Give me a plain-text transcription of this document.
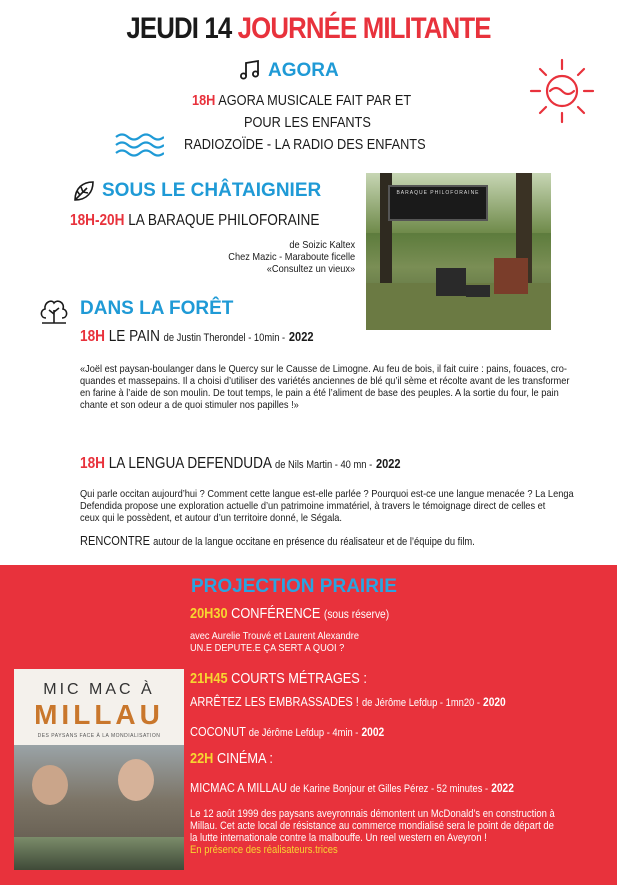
JEUDI 14 JOURNÉE MILITANTE
AGORA
18H AGORA MUSICALE FAIT PAR ET
POUR LES ENFANTS
RADIOZOÏDE - LA RADIO DES ENFANTS
SOUS LE CHÂTAIGNIER
18H-20H LA BARAQUE PHILOFORAINE
de Soizic Kaltex
Chez Mazic - Maraboute ficelle
«Consultez un vieux»
BARAQUE PHILOFORAINE
DANS LA FORÊT
18H LE PAIN de Justin Therondel - 10min - 2022
«Joël est paysan-boulanger dans le Quercy sur le Causse de Limogne. Au feu de bois, il fait cuire : pains, fouaces, cro-
quandes et massepains. Il a choisi d’utiliser des variétés anciennes de blé qu’il sème et récolte avant de les transformer
en farine à l’aide de son moulin. De tout temps, le pain a été l’aliment de base des peuples. A la sortie du four, le pain
chante et son odeur a de quoi stimuler nos papilles !»
18H LA LENGUA DEFENDUDA de Nils Martin - 40 mn - 2022
Qui parle occitan aujourd’hui ? Comment cette langue est-elle parlée ? Pourquoi est-ce une langue menacée ? La Lenga
Defendida propose une exploration actuelle d’un patrimoine immatériel, à travers le témoignage direct de celles et
ceux qui le possèdent, et autour d’un territoire donné, le Ségala.
RENCONTRE autour de la langue occitane en présence du réalisateur et de l’équipe du film.
PROJECTION PRAIRIE
20H30 CONFÉRENCE (sous réserve)
avec Aurelie Trouvé et Laurent Alexandre
UN.E DEPUTE.E ÇA SERT A QUOI ?
21H45 COURTS MÉTRAGES :
ARRÊTEZ LES EMBRASSADES ! de Jérôme Lefdup - 1mn20 - 2020
COCONUT de Jérôme Lefdup - 4min - 2002
22H CINÉMA :
MICMAC A MILLAU de Karine Bonjour et Gilles Pérez - 52 minutes - 2022
Le 12 août 1999 des paysans aveyronnais démontent un McDonald’s en construction à
Millau. Cet acte local de résistance au commerce mondialisé sera le point de départ de
la lutte internationale contre la malbouffe. Un reel western en Aveyron !
En présence des réalisateurs.trices
MIC MAC À
MILLAU
DES PAYSANS FACE À LA MONDIALISATION
